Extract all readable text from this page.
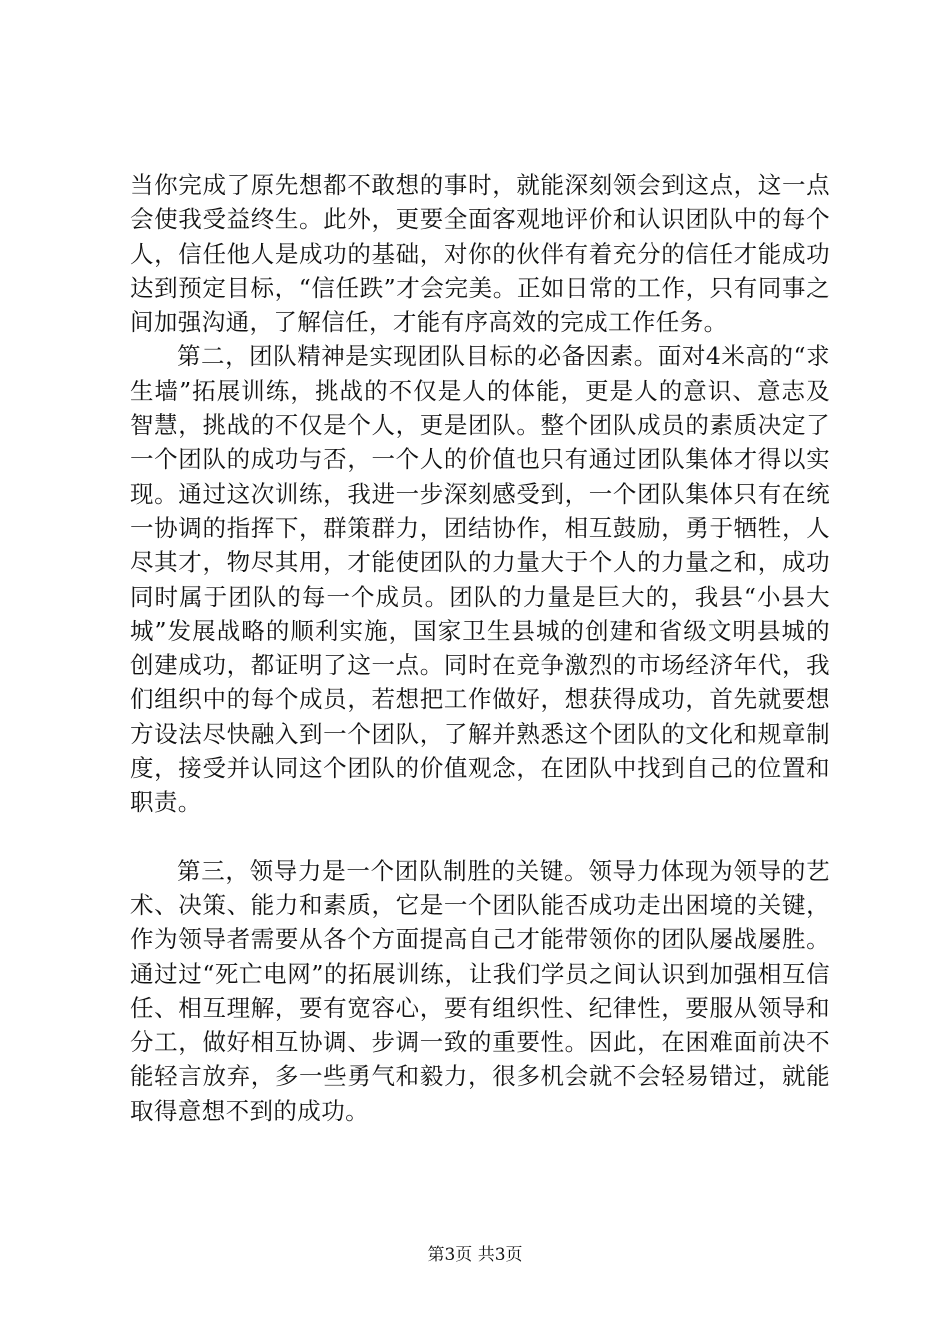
当你完成了原先想都不敢想的事时，就能深刻领会到这点，这一点会使我受益终生。此外，更要全面客观地评价和认识团队中的每个人，信任他人是成功的基础，对你的伙伴有着充分的信任才能成功达到预定目标，“信任跌”才会完美。正如日常的工作，只有同事之间加强沟通，了解信任，才能有序高效的完成工作任务。

第二，团队精神是实现团队目标的必备因素。面对4米高的“求生墙”拓展训练，挑战的不仅是人的体能，更是人的意识、意志及智慧，挑战的不仅是个人，更是团队。整个团队成员的素质决定了一个团队的成功与否，一个人的价值也只有通过团队集体才得以实现。通过这次训练，我进一步深刻感受到，一个团队集体只有在统一协调的指挥下，群策群力，团结协作，相互鼓励，勇于牺牲，人尽其才，物尽其用，才能使团队的力量大于个人的力量之和，成功同时属于团队的每一个成员。团队的力量是巨大的，我县“小县大城”发展战略的顺利实施，国家卫生县城的创建和省级文明县城的创建成功，都证明了这一点。同时在竞争激烈的市场经济年代，我们组织中的每个成员，若想把工作做好，想获得成功，首先就要想方设法尽快融入到一个团队，了解并熟悉这个团队的文化和规章制度，接受并认同这个团队的价值观念，在团队中找到自己的位置和职责。

第三，领导力是一个团队制胜的关键。领导力体现为领导的艺术、决策、能力和素质，它是一个团队能否成功走出困境的关键，作为领导者需要从各个方面提高自己才能带领你的团队屡战屡胜。通过过“死亡电网”的拓展训练，让我们学员之间认识到加强相互信任、相互理解，要有宽容心，要有组织性、纪律性，要服从领导和分工，做好相互协调、步调一致的重要性。因此，在困难面前决不能轻言放弃，多一些勇气和毅力，很多机会就不会轻易错过，就能取得意想不到的成功。

第3页 共3页
